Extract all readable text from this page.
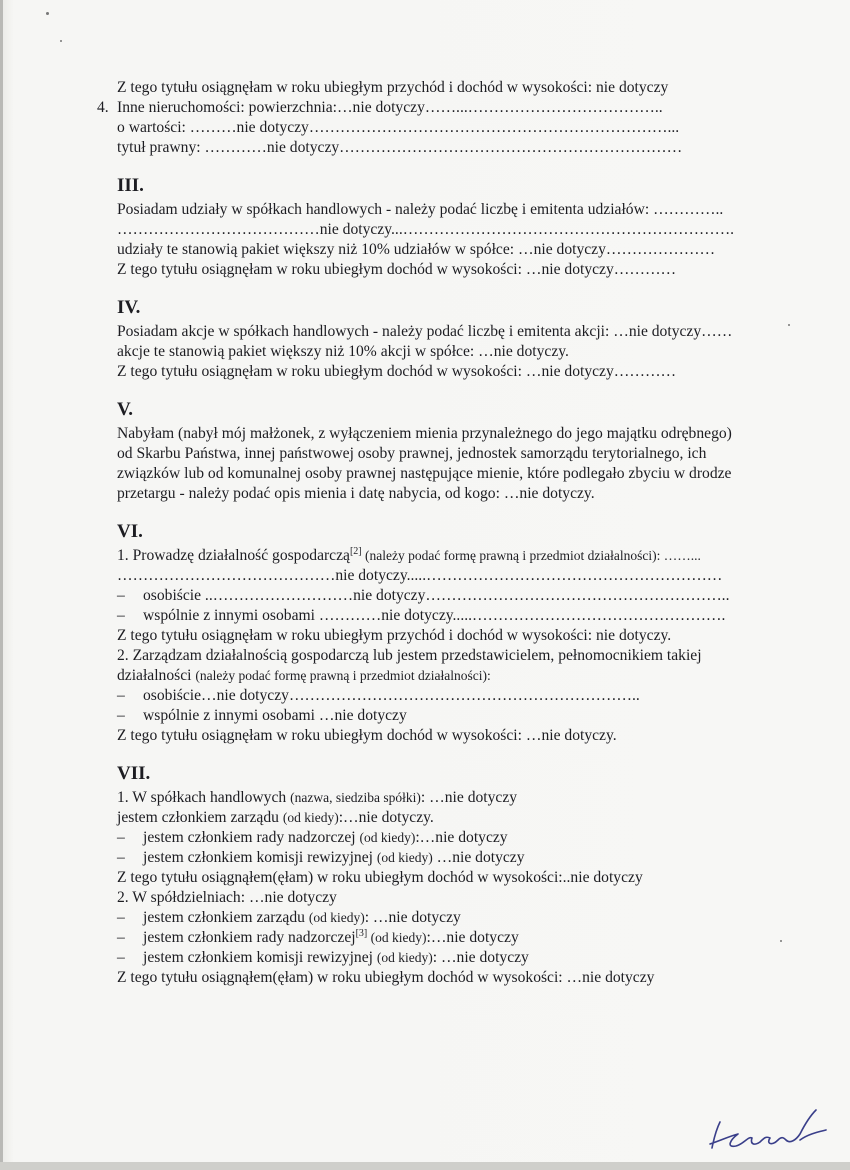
Z tego tytułu osiągnęłam w roku ubiegłym przychód i dochód w wysokości: nie dotyczy
4. Inne nieruchomości: powierzchnia:…nie dotyczy……...………………………………..
o wartości: ………nie dotyczy……………………………………………………………...
tytuł prawny: …………nie dotyczy…………………………………………………………
III.
Posiadam udziały w spółkach handlowych - należy podać liczbę i emitenta udziałów: …………..
…………………………………nie dotyczy...……………………………………………………….
udziały te stanowią pakiet większy niż 10% udziałów w spółce: …nie dotyczy…………………
Z tego tytułu osiągnęłam w roku ubiegłym dochód w wysokości: …nie dotyczy…………
IV.
Posiadam akcje w spółkach handlowych - należy podać liczbę i emitenta akcji: …nie dotyczy……
akcje te stanowią pakiet większy niż 10% akcji w spółce: …nie dotyczy.
Z tego tytułu osiągnęłam w roku ubiegłym dochód w wysokości: …nie dotyczy…………
V.
Nabyłam (nabył mój małżonek, z wyłączeniem mienia przynależnego do jego majątku odrębnego)
od Skarbu Państwa, innej państwowej osoby prawnej, jednostek samorządu terytorialnego, ich
związków lub od komunalnej osoby prawnej następujące mienie, które podlegało zbyciu w drodze
przetargu - należy podać opis mienia i datę nabycia, od kogo: …nie dotyczy.
VI.
1. Prowadzę działalność gospodarczą[2] (należy podać formę prawną i przedmiot działalności): ……...
……………………………………nie dotyczy.....…………………………………………………
– osobiście ..………………………nie dotyczy…………………………………………………..
– wspólnie z innymi osobami …………nie dotyczy.....………………………………………….
Z tego tytułu osiągnęłam w roku ubiegłym przychód i dochód w wysokości: nie dotyczy.
2. Zarządzam działalnością gospodarczą lub jestem przedstawicielem, pełnomocnikiem takiej
działalności (należy podać formę prawną i przedmiot działalności):
– osobiście…nie dotyczy…………………………………………………………..
– wspólnie z innymi osobami …nie dotyczy
Z tego tytułu osiągnęłam w roku ubiegłym dochód w wysokości: …nie dotyczy.
VII.
1. W spółkach handlowych (nazwa, siedziba spółki): …nie dotyczy
jestem członkiem zarządu (od kiedy):…nie dotyczy.
– jestem członkiem rady nadzorczej (od kiedy):…nie dotyczy
– jestem członkiem komisji rewizyjnej (od kiedy) …nie dotyczy
Z tego tytułu osiągnąłem(ęłam) w roku ubiegłym dochód w wysokości:..nie dotyczy
2. W spółdzielniach: …nie dotyczy
– jestem członkiem zarządu (od kiedy): …nie dotyczy
– jestem członkiem rady nadzorczej[3] (od kiedy):…nie dotyczy
– jestem członkiem komisji rewizyjnej (od kiedy): …nie dotyczy
Z tego tytułu osiągnąłem(ęłam) w roku ubiegłym dochód w wysokości: …nie dotyczy
